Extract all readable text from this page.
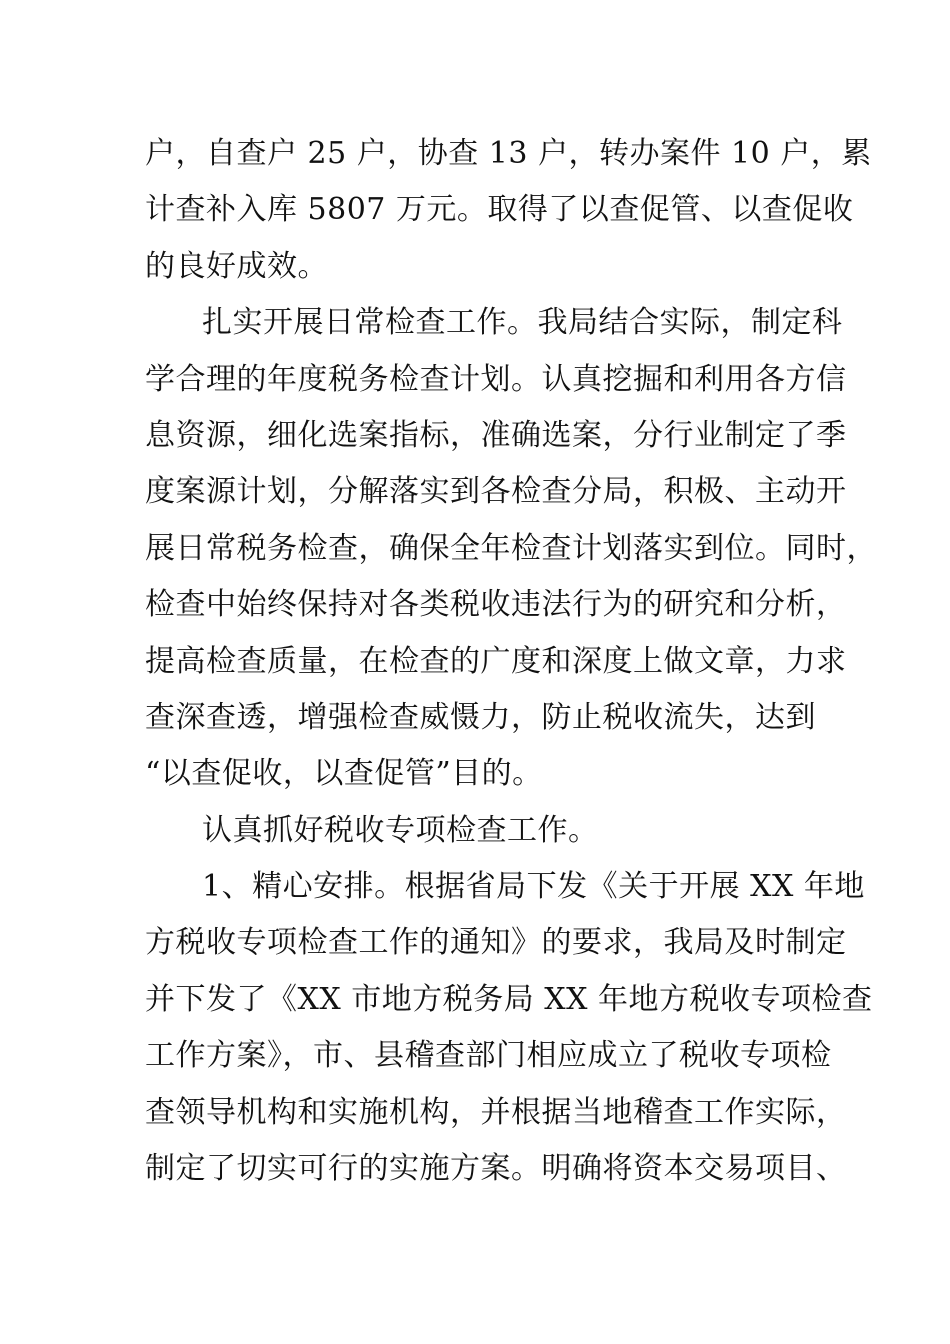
户，自查户 25 户，协查 13 户，转办案件 10 户，累
计查补入库 5807 万元。取得了以查促管、以查促收
的良好成效。
扎实开展日常检查工作。我局结合实际，制定科
学合理的年度税务检查计划。认真挖掘和利用各方信
息资源，细化选案指标，准确选案，分行业制定了季
度案源计划，分解落实到各检查分局，积极、主动开
展日常税务检查，确保全年检查计划落实到位。同时，
检查中始终保持对各类税收违法行为的研究和分析，
提高检查质量，在检查的广度和深度上做文章，力求
查深查透，增强检查威慑力，防止税收流失，达到
“以查促收，以查促管”目的。
认真抓好税收专项检查工作。
1、精心安排。根据省局下发《关于开展 XX 年地
方税收专项检查工作的通知》的要求，我局及时制定
并下发了《XX 市地方税务局 XX 年地方税收专项检查
工作方案》，市、县稽查部门相应成立了税收专项检
查领导机构和实施机构，并根据当地稽查工作实际，
制定了切实可行的实施方案。明确将资本交易项目、
